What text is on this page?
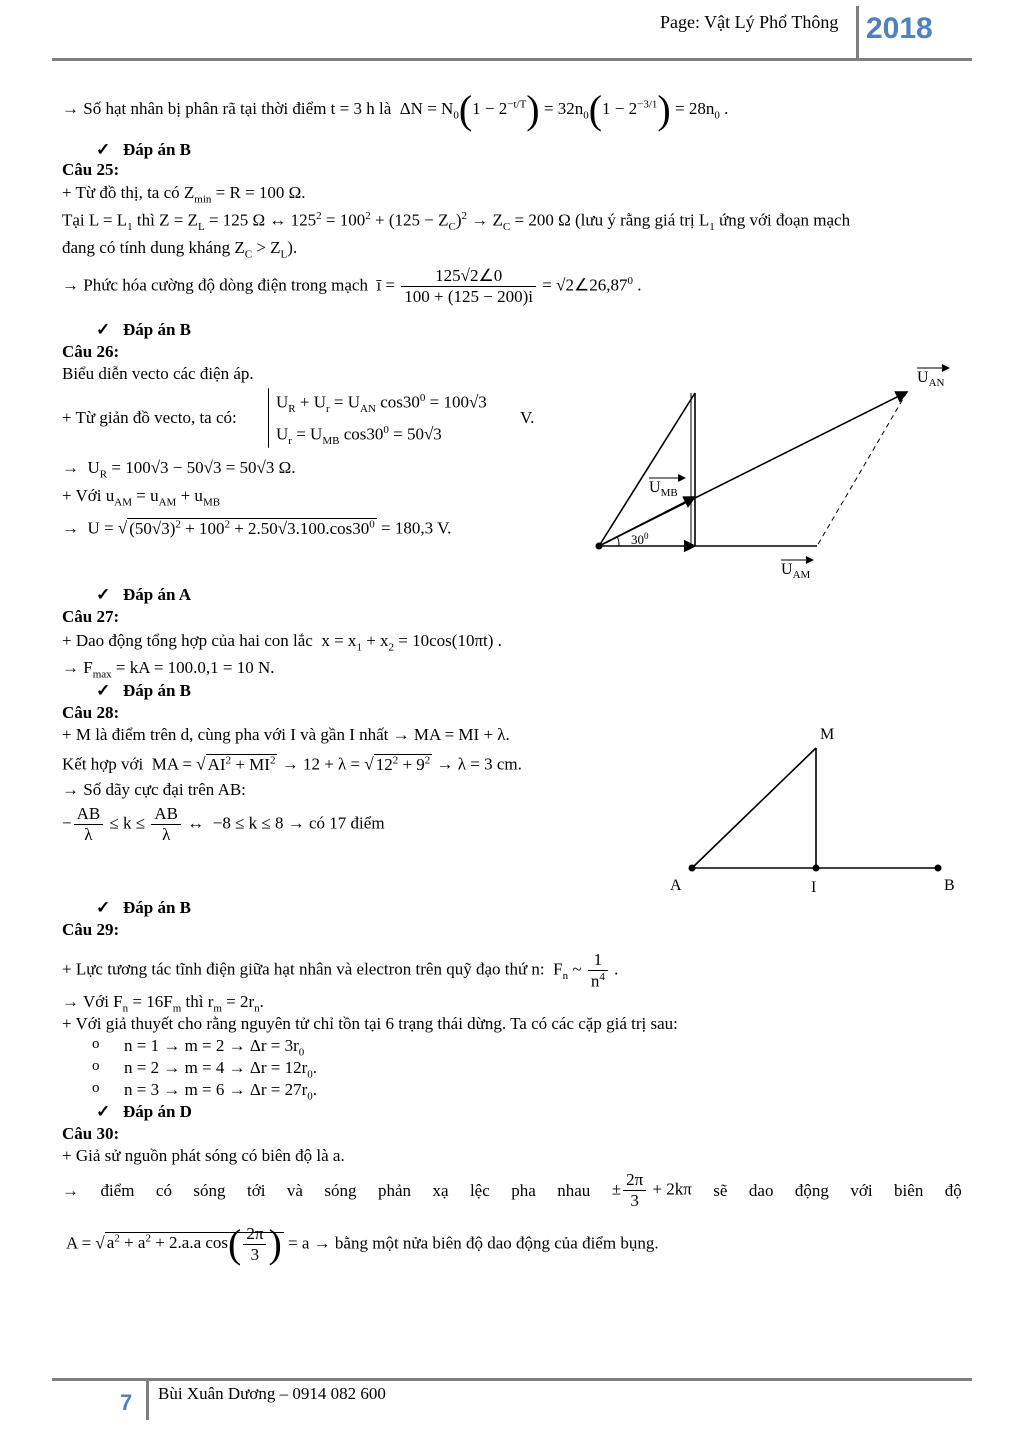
Page: Vật Lý Phổ Thông 2018
7 Bùi Xuân Dương – 0914 082 600
→ Số hạt nhân bị phân rã tại thời điểm t = 3 h là  $\Delta N = N_0(1 - 2^{-t/T}) = 32n_0(1 - 2^{-3/1}) = 28n_0$ .
✓   Đáp án B
Câu 25:
+ Từ đồ thị, ta có $Z_{min} = R = 100$ Ω.
Tại $L = L_1$ thì $Z = Z_L = 125$ Ω ↔ $125^2 = 100^2 + (125 - Z_C)^2 \to Z_C = 200$ Ω (lưu ý rằng giá trị $L_1$ ứng với đoạn mạch
đang có tính dung kháng $Z_C > Z_L$).
→ Phức hóa cường độ dòng điện trong mạch  ī = $\frac{125√2\angle 0}{100 + (125 - 200)i}$ = $√2\angle 26,87^0$ .
✓   Đáp án B
Câu 26:
Biểu diễn vecto các điện áp.
+ Từ giản đồ vecto, ta có:
$U_R + U_r = U_{AN}$ $\cos 30^0 = 100√3$
$U_r = U_{MB}$ $\cos 30^0 = 50√3$
V.
→  $U_R = 100√3 - 50√3 = 50√3$ Ω.
+ Với $u_{AM} = u_{AM} + u_{MB}$
→  U = √ $(50√3)^2 + 100^2 + 2.50√3.100.\cos 30^0 = 180,3$ V.
$U_{AN}$
$U_{MB}$
$U_{AM}$
$30^0$
✓   Đáp án A
Câu 27:
+ Dao động tổng hợp của hai con lắc  $x = x_1 + x_2 = 10\cos(10\pi t)$ .
→ $F_{max}$ = kA = 100.0,1 = 10 N.
✓   Đáp án B
Câu 28:
+ M là điểm trên d, cùng pha với I và gần I nhất → MA = MI + λ.
Kết hợp với  MA = √ $AI^2 + MI^2 \to 12 + \lambda$ = √ $12^2 + 9^2 \to \lambda = 3$ cm.
→ Số dãy cực đại trên AB:
− $\frac{AB}{\lambda} \le k \le \frac{AB}{\lambda}$ ↔  −8 ≤ k ≤ 8 → có 17 điểm
M
A	I	B
✓   Đáp án B
Câu 29:
+ Lực tương tác tĩnh điện giữa hạt nhân và electron trên quỹ đạo thứ n:  $F_n$ ~ $\frac{1}{n^4}$ .
→ Với $F_n = 16F_m$ thì $r_m = 2r_n$.
+ Với giả thuyết cho rằng nguyên tử chỉ tồn tại 6 trạng thái dừng. Ta có các cặp giá trị sau:
o $n = 1 \to m = 2 \to \Delta r = 3r_0$
o $n = 2 \to m = 4 \to \Delta r = 12r_0$.
o $n = 3 \to m = 6 \to \Delta r = 27r_0$.
✓   Đáp án D
Câu 30:
+ Giả sử nguồn phát sóng có biên độ là a.
→ điểm có sóng tới và sóng phản xạ lệc pha nhau ± $\frac{2\pi}{3} + 2k\pi$ sẽ dao động với biên độ
A = √ $a^2 + a^2 + 2.a.a$ $\cos( \frac{2\pi}{3}$ ) = a → bằng một nửa biên độ dao động của điểm bụng.
